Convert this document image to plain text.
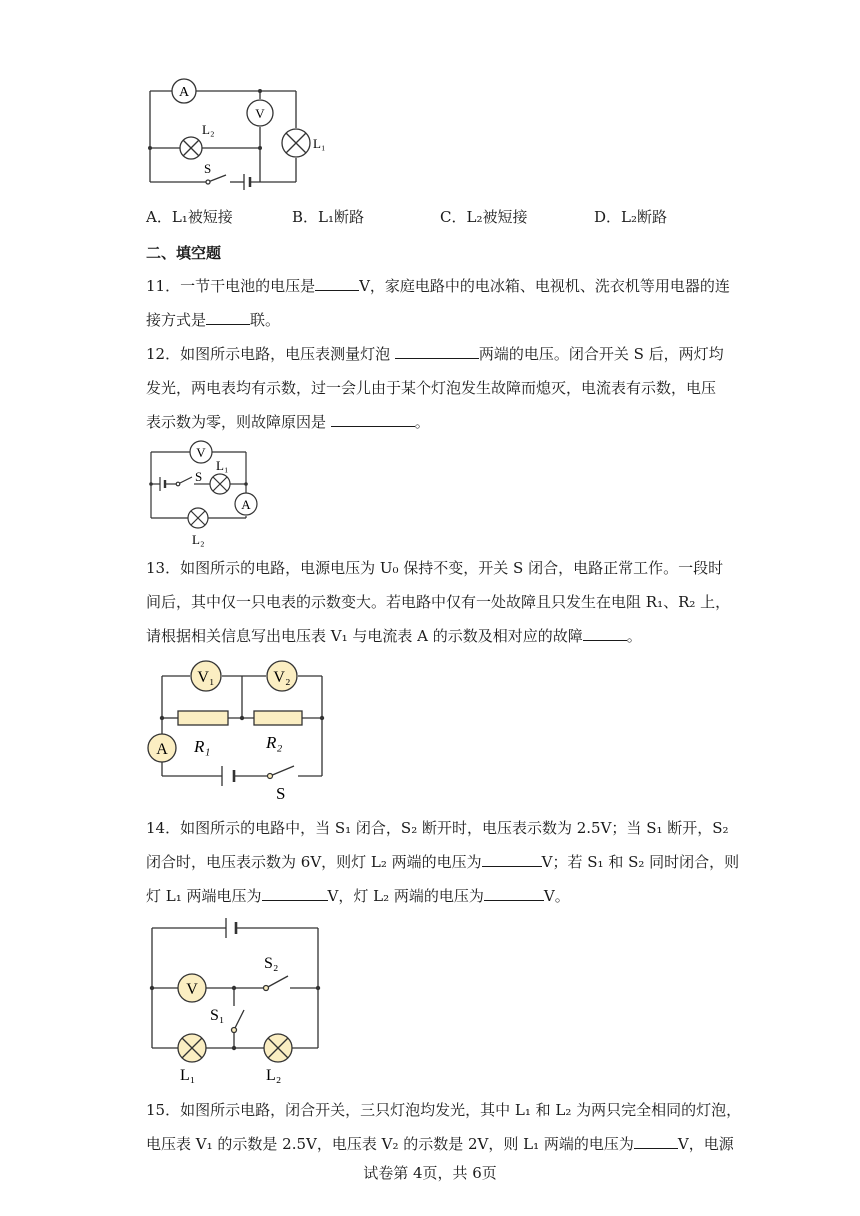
A
V
L₂
L₁
S
A．L₁被短接	B．L₁断路	C．L₂被短接	D．L₂断路
二、填空题
11．一节干电池的电压是	V，家庭电路中的电冰箱、电视机、洗衣机等用电器的连
接方式是	联。
12．如图所示电路，电压表测量灯泡	两端的电压。闭合开关 S 后，两灯均
发光，两电表均有示数，过一会儿由于某个灯泡发生故障而熄灭，电流表有示数，电压
表示数为零，则故障原因是	。
V
A
S
L₁
L₂
13．如图所示的电路，电源电压为 U₀ 保持不变，开关 S 闭合，电路正常工作。一段时
间后，其中仅一只电表的示数变大。若电路中仅有一处故障且只发生在电阻 R₁、R₂ 上，
请根据相关信息写出电压表 V₁ 与电流表 A 的示数及相对应的故障	。
V₁	V₂
A R₁	R₂
S
14．如图所示的电路中，当 S₁ 闭合，S₂ 断开时，电压表示数为 2.5V；当 S₁ 断开，S₂
闭合时，电压表示数为 6V，则灯 L₂ 两端的电压为	V；若 S₁ 和 S₂ 同时闭合，则
灯 L₁ 两端电压为	V，灯 L₂ 两端的电压为	V。
V
S₂
S₁
L₁	L₂
15．如图所示电路，闭合开关，三只灯泡均发光，其中 L₁ 和 L₂ 为两只完全相同的灯泡，
电压表 V₁ 的示数是 2.5V，电压表 V₂ 的示数是 2V，则 L₁ 两端的电压为	V，电源
试卷第 4页，共 6页
